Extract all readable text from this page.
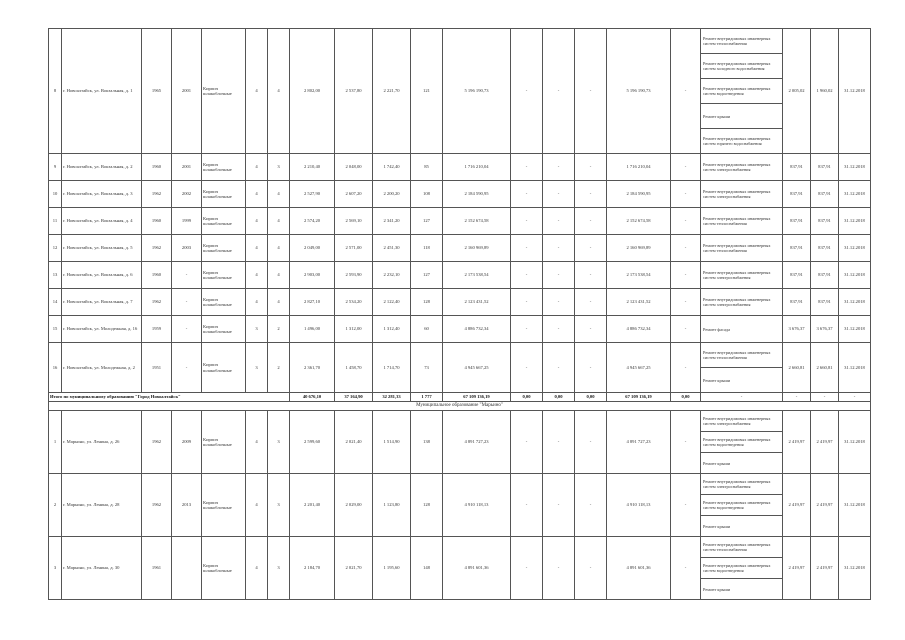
8	г. Новоалтайск, ул. Вокзальная, д. 1	1965	2001	Кирпич шлакоблочные	4	4	2 802,00	2 537,80	2 221,70	121	5 196 190,73	-	-	-	5 196 190,73	-	Ремонт внутридомовых инженерных систем теплоснабжения	2 005,02	1 960,02	31.12.2018
																	Ремонт внутридомовых инженерных систем холодного водоснабжения			
																	Ремонт внутридомовых инженерных систем водоотведения			
																	Ремонт крыши			
																	Ремонт внутридомовых инженерных систем горячего водоснабжения			
9	г. Новоалтайск, ул. Вокзальная, д. 2	1960	2001	Кирпич шлакоблочные	4	3	2 210,40	2 048,00	1 742,40	85	1 716 210,04	-	-	-	1 716 210,04	-	Ремонт внутридомовых инженерных систем электроснабжения	837,91	837,91	31.12.2018
10	г. Новоалтайск, ул. Вокзальная, д. 3	1962	2002	Кирпич шлакоблочные	4	4	2 527,90	2 607,20	2 200,20	108	2 184 590,95	-	-	-	2 184 590,95	-	Ремонт внутридомовых инженерных систем электроснабжения	837,91	837,91	31.12.2018
11	г. Новоалтайск, ул. Вокзальная, д. 4	1960	1999	Кирпич шлакоблочные	4	4	2 574,20	2 569,10	2 341,20	127	2 152 674,58	-	-	-	2 152 674,58	-	Ремонт внутридомовых инженерных систем теплоснабжения	837,91	837,91	31.12.2018
12	г. Новоалтайск, ул. Вокзальная, д. 5	1962	2003	Кирпич шлакоблочные	4	4	2 049,00	2 571,00	2 451,30	118	2 160 969,89	-	-	-	2 160 969,89	-	Ремонт внутридомовых инженерных систем теплоснабжения	837,91	837,91	31.12.2018
13	г. Новоалтайск, ул. Вокзальная, д. 6	1960	-	Кирпич шлакоблочные	4	4	2 903,00	2 593,90	2 232,10	127	2 173 538,54	-	-	-	2 173 538,54	-	Ремонт внутридомовых инженерных систем электроснабжения	837,91	837,91	31.12.2018
14	г. Новоалтайск, ул. Вокзальная, д. 7	1962	-	Кирпич шлакоблочные	4	4	2 827,10	2 534,20	2 122,40	128	2 123 431,52	-	-	-	2 123 431,52	-	Ремонт внутридомовых инженерных систем электроснабжения	837,91	837,91	31.12.2018
15	г. Новоалтайск, ул. Молодежная, д. 16	1959	-	Кирпич шлакоблочные	3	2	1 496,00	1 312,00	1 312,40	60	4 886 732,34	-	-	-	4 886 732,34	-	Ремонт фасада	3 676,37	3 676,37	31.12.2018
16	г. Новоалтайск, ул. Молодежная, д. 2	1951	-	Кирпич шлакоблочные	3	2	2 361,70	1 458,70	1 714,70	73	4 945 667,25	-	-	-	4 945 667,25	-	Ремонт внутридомовых инженерных систем теплоснабжения	2 660,81	2 660,81	31.12.2018
																	Ремонт крыши			
Итого по муниципальному образованию "Город Новоалтайск"							40 676,10	37 164,90	32 281,33	1 777	67 109 136,19	0,00	0,00	0,00	67 109 136,19	0,00	-	-	-	-
Муниципальное образование "Марьино"																				
1	г. Марьино, ул. Ленина, д. 26	1962	2009	Кирпич шлакоблочные	4	3	2 599,60	2 021,40	1 514,90	138	4 891 727,23	-	-	-	4 891 727,23	-	Ремонт внутридомовых инженерных систем электроснабжения	2 419,97	2 419,97	31.12.2018
																	Ремонт внутридомовых инженерных систем водоотведения			
																	Ремонт крыши			
2	г. Марьино, ул. Ленина, д. 28	1962	2013	Кирпич шлакоблочные	4	3	2 201,40	2 029,00	1 123,80	128	4 910 118,13	-	-	-	4 910 118,13	-	Ремонт внутридомовых инженерных систем электроснабжения	2 419,97	2 419,97	31.12.2018
																	Ремонт внутридомовых инженерных систем водоотведения			
																	Ремонт крыши			
3	г. Марьино, ул. Ленина, д. 30	1961		Кирпич шлакоблочные	4	3	2 184,70	2 021,70	1 195,60	148	4 891 601,36	-	-	-	4 891 601,36	-	Ремонт внутридомовых инженерных систем теплоснабжения	2 419,97	2 419,97	31.12.2018
																	Ремонт внутридомовых инженерных систем водоотведения			
																	Ремонт крыши			
